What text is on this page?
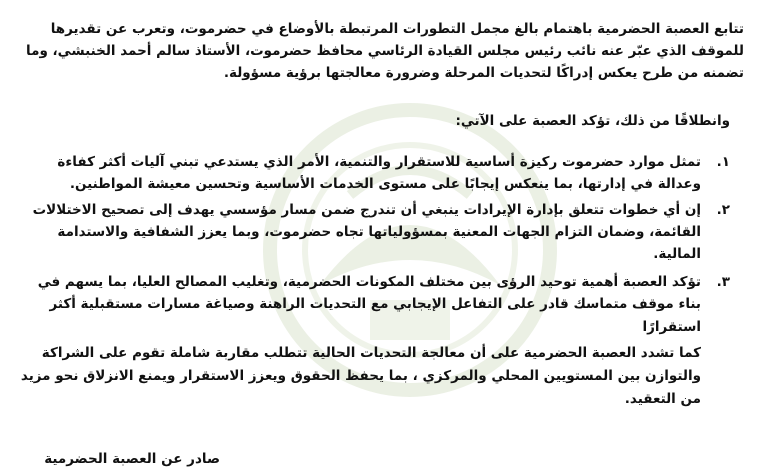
تتابع العصبة الحضرمية باهتمام بالغ مجمل التطورات المرتبطة بالأوضاع في حضرموت، وتعرب عن تقديرها
للموقف الذي عبّر عنه نائب رئيس مجلس القيادة الرئاسي محافظ حضرموت، الأستاذ سالم أحمد الخنبشي، وما
تضمنه من طرح يعكس إدراكًا لتحديات المرحلة وضرورة معالجتها برؤية مسؤولة.
وانطلاقًا من ذلك، تؤكد العصبة على الآتي:
١.
تمثل موارد حضرموت ركيزة أساسية للاستقرار والتنمية، الأمر الذي يستدعي تبني آليات أكثر كفاءة
وعدالة في إدارتها، بما ينعكس إيجابًا على مستوى الخدمات الأساسية وتحسين معيشة المواطنين.
٢.
إن أي خطوات تتعلق بإدارة الإيرادات ينبغي أن تندرج ضمن مسار مؤسسي يهدف إلى تصحيح الاختلالات
القائمة، وضمان التزام الجهات المعنية بمسؤولياتها تجاه حضرموت، وبما يعزز الشفافية والاستدامة
المالية.
٣.
تؤكد العصبة أهمية توحيد الرؤى بين مختلف المكونات الحضرمية، وتغليب المصالح العليا، بما يسهم في
بناء موقف متماسك قادر على التفاعل الإيجابي مع التحديات الراهنة وصياغة مسارات مستقبلية أكثر
استقرارًا
كما تشدد العصبة الحضرمية على أن معالجة التحديات الحالية تتطلب مقاربة شاملة تقوم على الشراكة
والتوازن بين المستويين المحلي والمركزي ، بما يحفظ الحقوق ويعزز الاستقرار ويمنع الانزلاق نحو مزيد
من التعقيد.
صادر عن العصبة الحضرمية
